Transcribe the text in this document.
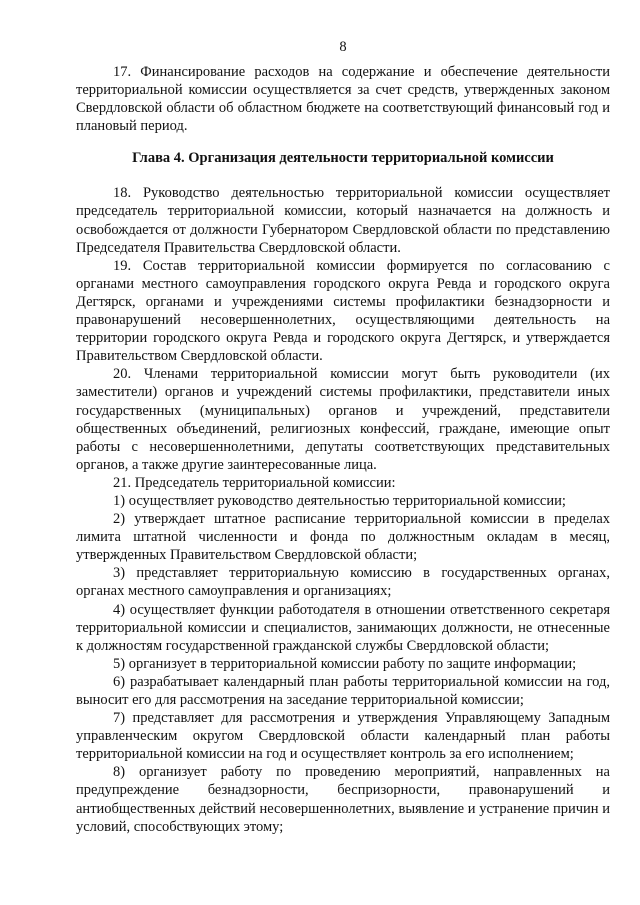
8

17. Финансирование расходов на содержание и обеспечение деятельности территориальной комиссии осуществляется за счет средств, утвержденных законом Свердловской области об областном бюджете на соответствующий финансовый год и плановый период.

Глава 4. Организация деятельности территориальной комиссии

18. Руководство деятельностью территориальной комиссии осуществляет председатель территориальной комиссии, который назначается на должность и освобождается от должности Губернатором Свердловской области по представлению Председателя Правительства Свердловской области.

19. Состав территориальной комиссии формируется по согласованию с органами местного самоуправления городского округа Ревда и городского округа Дегтярск, органами и учреждениями системы профилактики безнадзорности и правонарушений несовершеннолетних, осуществляющими деятельность на территории городского округа Ревда и городского округа Дегтярск, и утверждается Правительством Свердловской области.

20. Членами территориальной комиссии могут быть руководители (их заместители) органов и учреждений системы профилактики, представители иных государственных (муниципальных) органов и учреждений, представители общественных объединений, религиозных конфессий, граждане, имеющие опыт работы с несовершеннолетними, депутаты соответствующих представительных органов, а также другие заинтересованные лица.

21. Председатель территориальной комиссии:

1) осуществляет руководство деятельностью территориальной комиссии;

2) утверждает штатное расписание территориальной комиссии в пределах лимита штатной численности и фонда по должностным окладам в месяц, утвержденных Правительством Свердловской области;

3) представляет территориальную комиссию в государственных органах, органах местного самоуправления и организациях;

4) осуществляет функции работодателя в отношении ответственного секретаря территориальной комиссии и специалистов, занимающих должности, не отнесенные к должностям государственной гражданской службы Свердловской области;

5) организует в территориальной комиссии работу по защите информации;

6) разрабатывает календарный план работы территориальной комиссии на год, выносит его для рассмотрения на заседание территориальной комиссии;

7) представляет для рассмотрения и утверждения Управляющему Западным управленческим округом Свердловской области календарный план работы территориальной комиссии на год и осуществляет контроль за его исполнением;

8) организует работу по проведению мероприятий, направленных на предупреждение безнадзорности, беспризорности, правонарушений и антиобщественных действий несовершеннолетних, выявление и устранение причин и условий, способствующих этому;
